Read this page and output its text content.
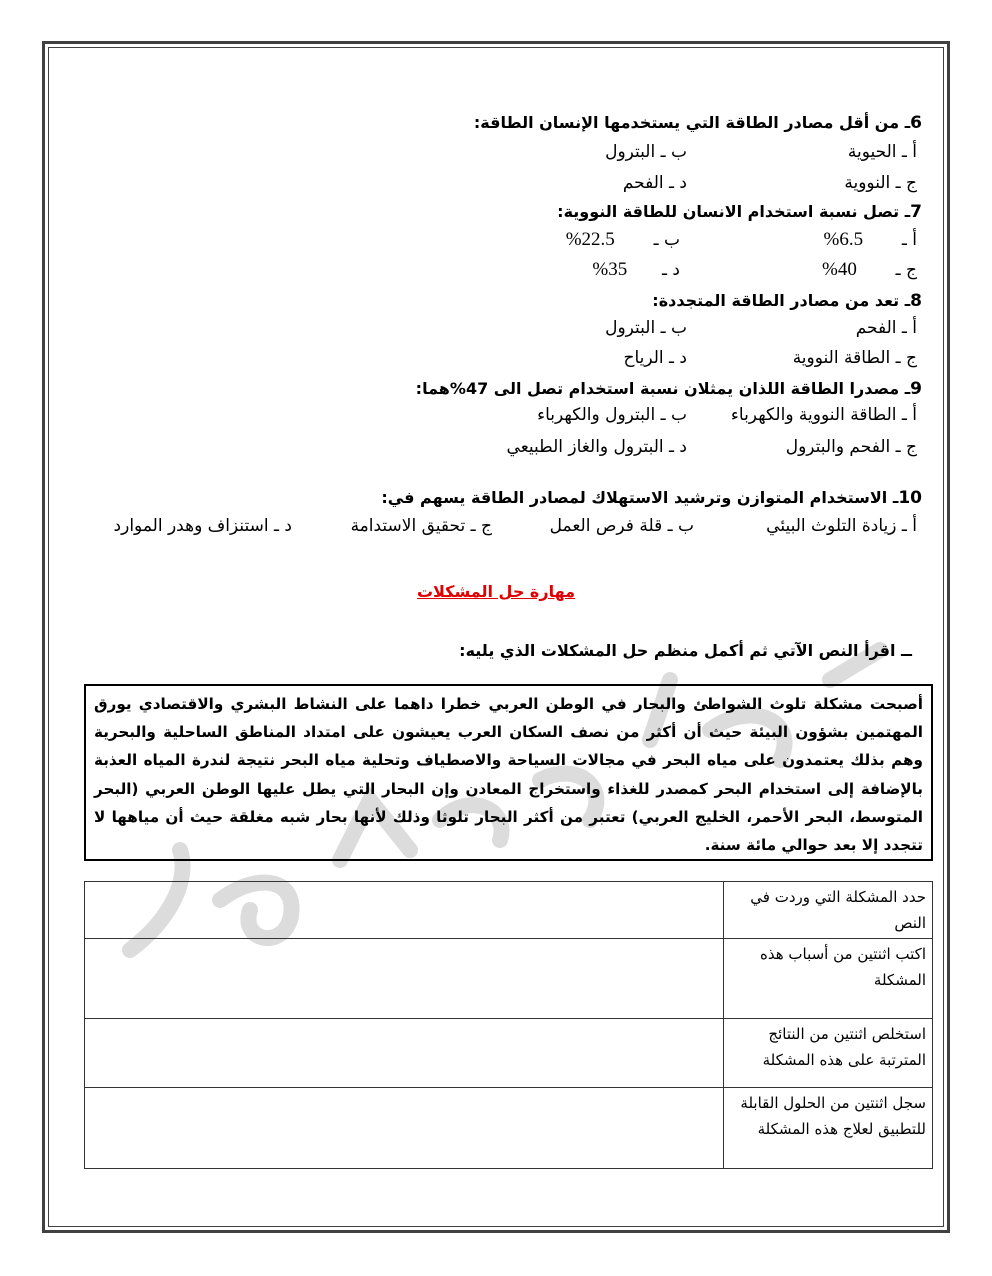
6ـ من أقل مصادر الطاقة التي يستخدمها الإنسان الطاقة:
أ ـ الحيوية
ب ـ البترول
ج ـ النووية
د ـ الفحم
7ـ تصل نسبة استخدام الانسان للطاقة النووية:
أ ـ  6.5%
ب ـ  22.5%
ج ـ  40%
د ـ  35%
8ـ تعد من مصادر الطاقة المتجددة:
أ ـ الفحم
ب ـ البترول
ج ـ الطاقة النووية
د ـ الرياح
9ـ مصدرا الطاقة اللذان يمثلان نسبة استخدام تصل الى 47%هما:
أ ـ الطاقة النووية والكهرباء
ب ـ البترول والكهرباء
ج ـ الفحم والبترول
د ـ البترول والغاز الطبيعي
10ـ الاستخدام المتوازن وترشيد الاستهلاك لمصادر الطاقة يسهم في:
أ ـ زيادة التلوث البيئي
ب ـ قلة فرص العمل
ج ـ تحقيق الاستدامة
د ـ استنزاف وهدر الموارد
مهارة حل المشكلات
ــ اقرأ النص الآتي ثم أكمل منظم حل المشكلات الذي يليه:
أصبحت مشكلة تلوث الشواطئ والبحار في الوطن العربي خطرا داهما على النشاط البشري والاقتصادي يورق المهتمين بشؤون البيئة حيث أن أكثر من نصف السكان العرب يعيشون على امتداد المناطق الساحلية والبحرية وهم بذلك يعتمدون على مياه البحر في مجالات السياحة والاصطياف وتحلية مياه البحر نتيجة لندرة المياه العذبة بالإضافة إلى استخدام البحر كمصدر للغذاء واستخراج المعادن وإن البحار التي يطل عليها الوطن العربي (البحر المتوسط، البحر الأحمر، الخليج العربي) تعتبر من أكثر البحار تلوثا وذلك لأنها بحار شبه مغلقة حيث أن مياهها لا تتجدد إلا بعد حوالي مائة سنة.
حدد المشكلة التي وردت في النص	
اكتب اثنتين من أسباب هذه المشكلة	
استخلص اثنتين من النتائج المترتبة على هذه المشكلة	
سجل اثنتين من الحلول القابلة للتطبيق لعلاج هذه المشكلة	
